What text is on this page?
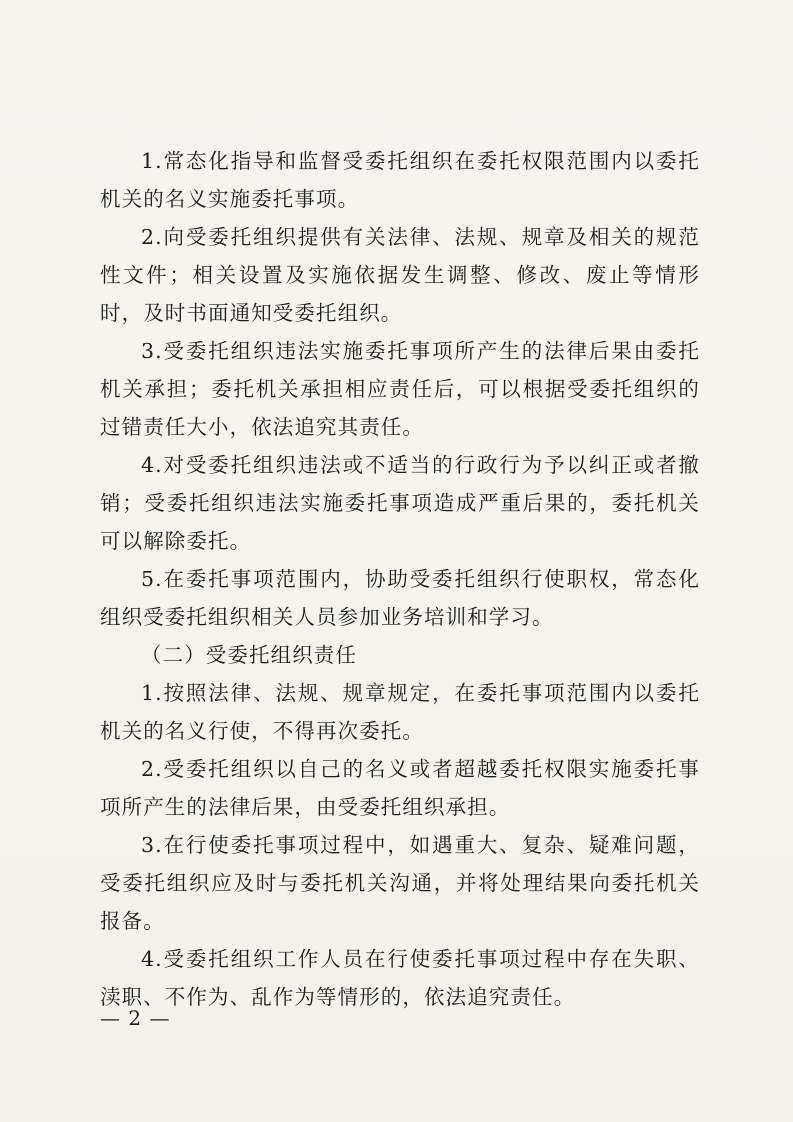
1.常态化指导和监督受委托组织在委托权限范围内以委托机关的名义实施委托事项。

2.向受委托组织提供有关法律、法规、规章及相关的规范性文件；相关设置及实施依据发生调整、修改、废止等情形时，及时书面通知受委托组织。

3.受委托组织违法实施委托事项所产生的法律后果由委托机关承担；委托机关承担相应责任后，可以根据受委托组织的过错责任大小，依法追究其责任。

4.对受委托组织违法或不适当的行政行为予以纠正或者撤销；受委托组织违法实施委托事项造成严重后果的，委托机关可以解除委托。

5.在委托事项范围内，协助受委托组织行使职权，常态化组织受委托组织相关人员参加业务培训和学习。

（二）受委托组织责任

1.按照法律、法规、规章规定，在委托事项范围内以委托机关的名义行使，不得再次委托。

2.受委托组织以自己的名义或者超越委托权限实施委托事项所产生的法律后果，由受委托组织承担。

3.在行使委托事项过程中，如遇重大、复杂、疑难问题，受委托组织应及时与委托机关沟通，并将处理结果向委托机关报备。

4.受委托组织工作人员在行使委托事项过程中存在失职、渎职、不作为、乱作为等情形的，依法追究责任。

— 2 —
